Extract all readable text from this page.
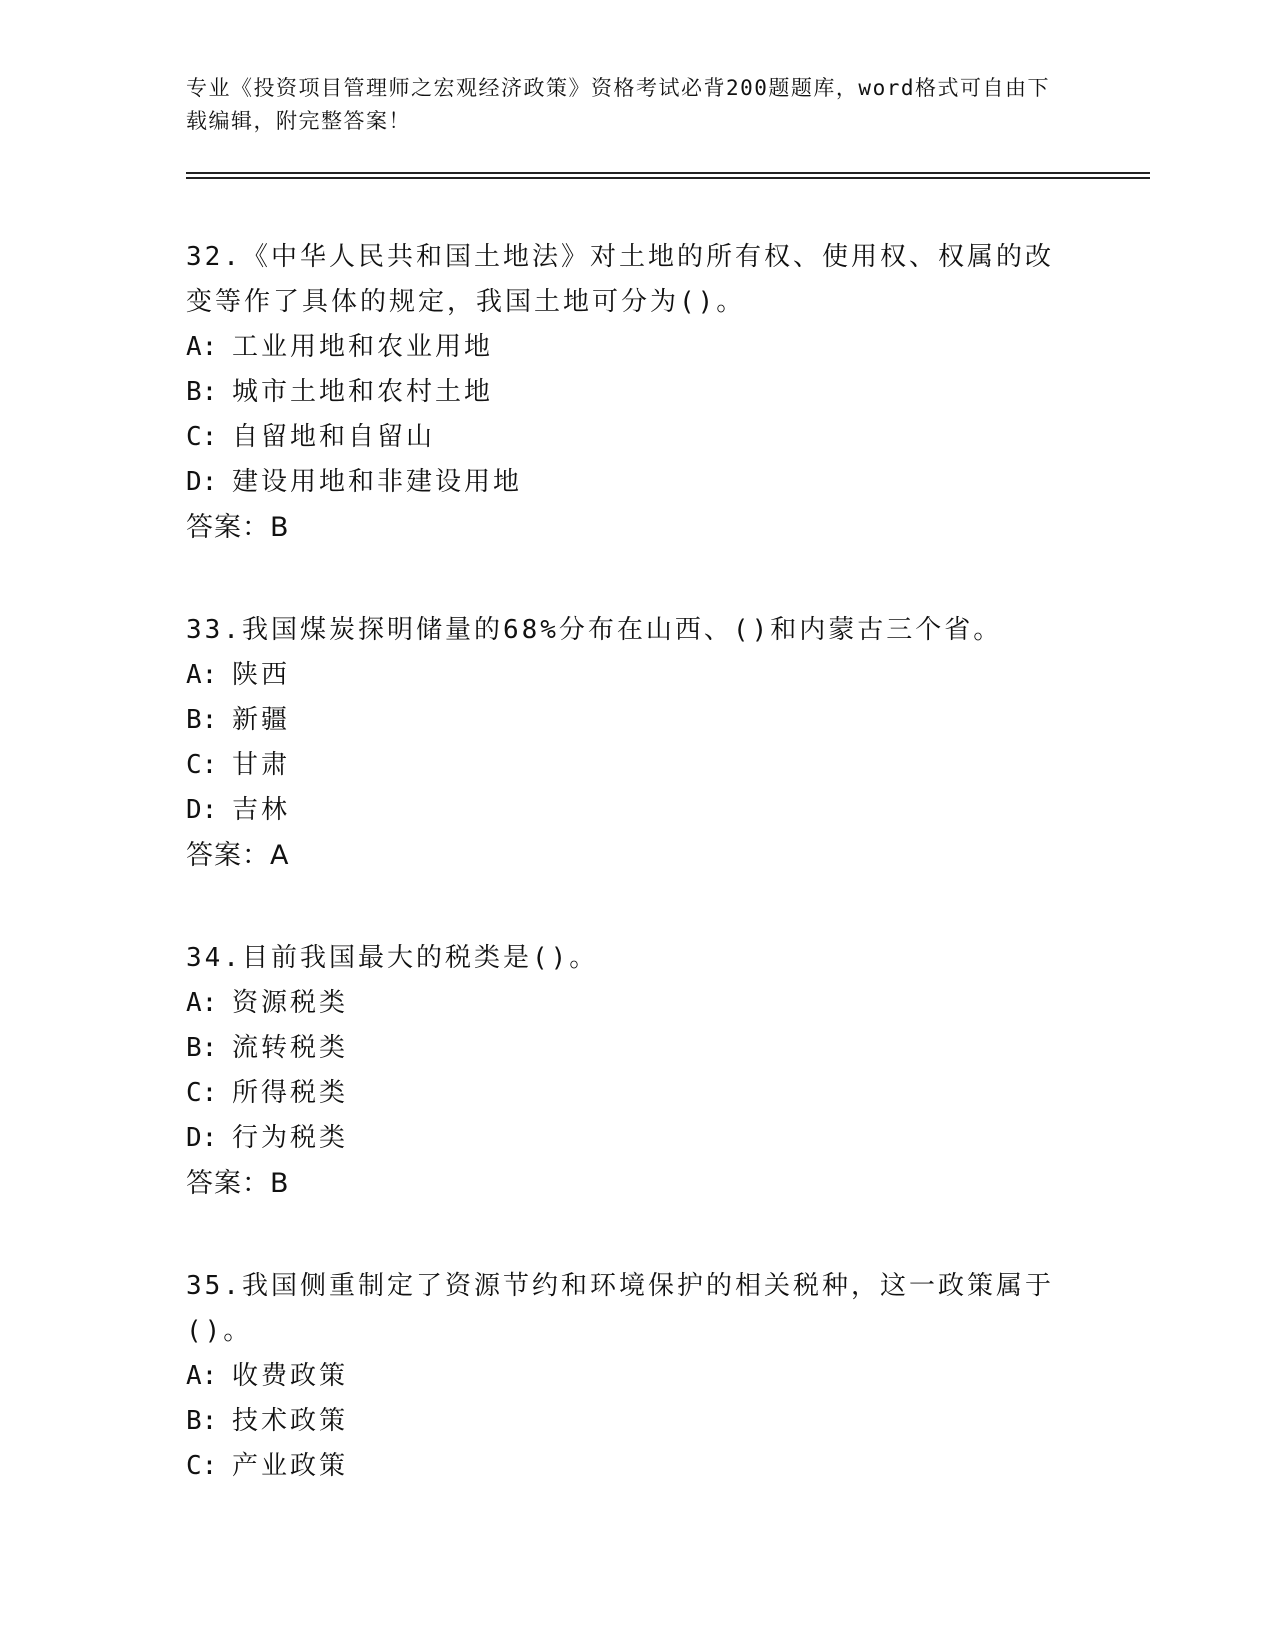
专业《投资项目管理师之宏观经济政策》资格考试必背200题题库，word格式可自由下载编辑，附完整答案！

32.《中华人民共和国土地法》对土地的所有权、使用权、权属的改变等作了具体的规定，我国土地可分为()。

A: 工业用地和农业用地

B: 城市土地和农村土地

C: 自留地和自留山

D: 建设用地和非建设用地

答案：B

33.我国煤炭探明储量的68%分布在山西、()和内蒙古三个省。

A: 陕西

B: 新疆

C: 甘肃

D: 吉林

答案：A

34.目前我国最大的税类是()。

A: 资源税类

B: 流转税类

C: 所得税类

D: 行为税类

答案：B

35.我国侧重制定了资源节约和环境保护的相关税种，这一政策属于()。

A: 收费政策

B: 技术政策

C: 产业政策
